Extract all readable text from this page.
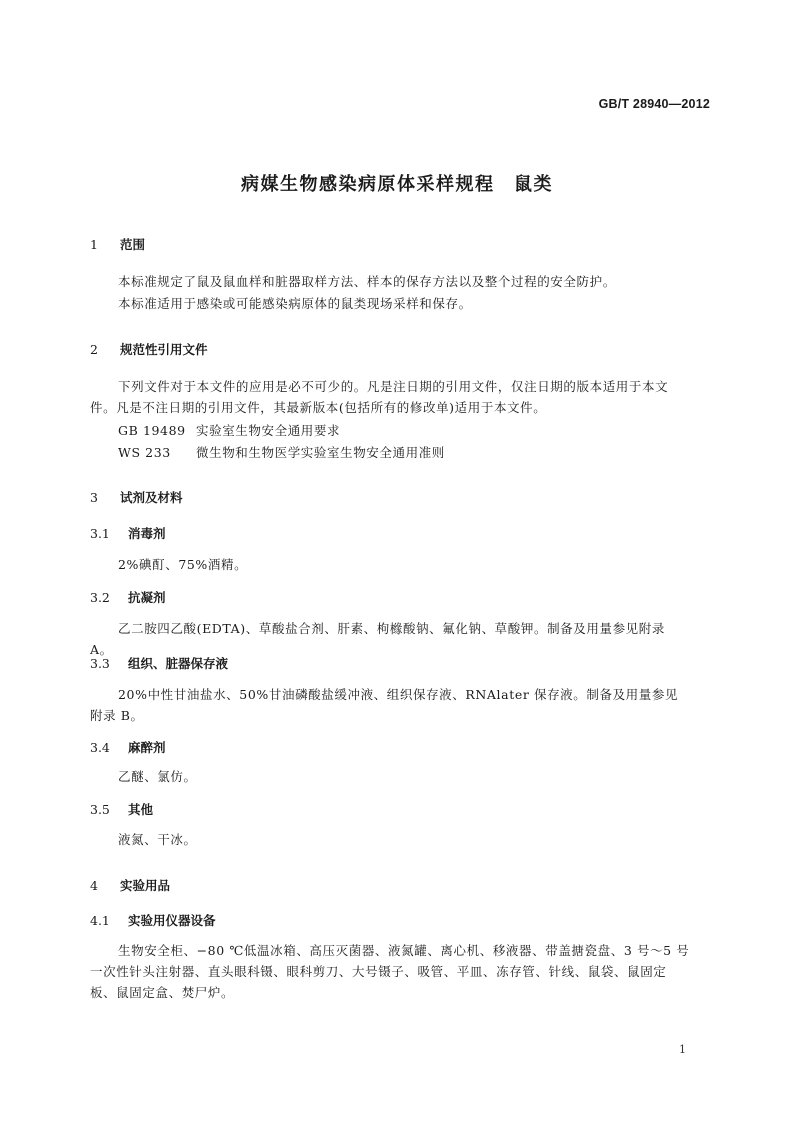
GB/T 28940—2012
病媒生物感染病原体采样规程　鼠类
1 范围
本标准规定了鼠及鼠血样和脏器取样方法、样本的保存方法以及整个过程的安全防护。
本标准适用于感染或可能感染病原体的鼠类现场采样和保存。
2 规范性引用文件
下列文件对于本文件的应用是必不可少的。凡是注日期的引用文件，仅注日期的版本适用于本文件。凡是不注日期的引用文件，其最新版本(包括所有的修改单)适用于本文件。
GB 19489 实验室生物安全通用要求
WS 233 微生物和生物医学实验室生物安全通用准则
3 试剂及材料
3.1 消毒剂
2%碘酊、75%酒精。
3.2 抗凝剂
乙二胺四乙酸(EDTA)、草酸盐合剂、肝素、枸橼酸钠、氟化钠、草酸钾。制备及用量参见附录 A。
3.3 组织、脏器保存液
20%中性甘油盐水、50%甘油磷酸盐缓冲液、组织保存液、RNAlater 保存液。制备及用量参见附录 B。
3.4 麻醉剂
乙醚、氯仿。
3.5 其他
液氮、干冰。
4 实验用品
4.1 实验用仪器设备
生物安全柜、−80 ℃低温冰箱、高压灭菌器、液氮罐、离心机、移液器、带盖搪瓷盘、3 号～5 号一次性针头注射器、直头眼科镊、眼科剪刀、大号镊子、吸管、平皿、冻存管、针线、鼠袋、鼠固定板、鼠固定盒、焚尸炉。
1
